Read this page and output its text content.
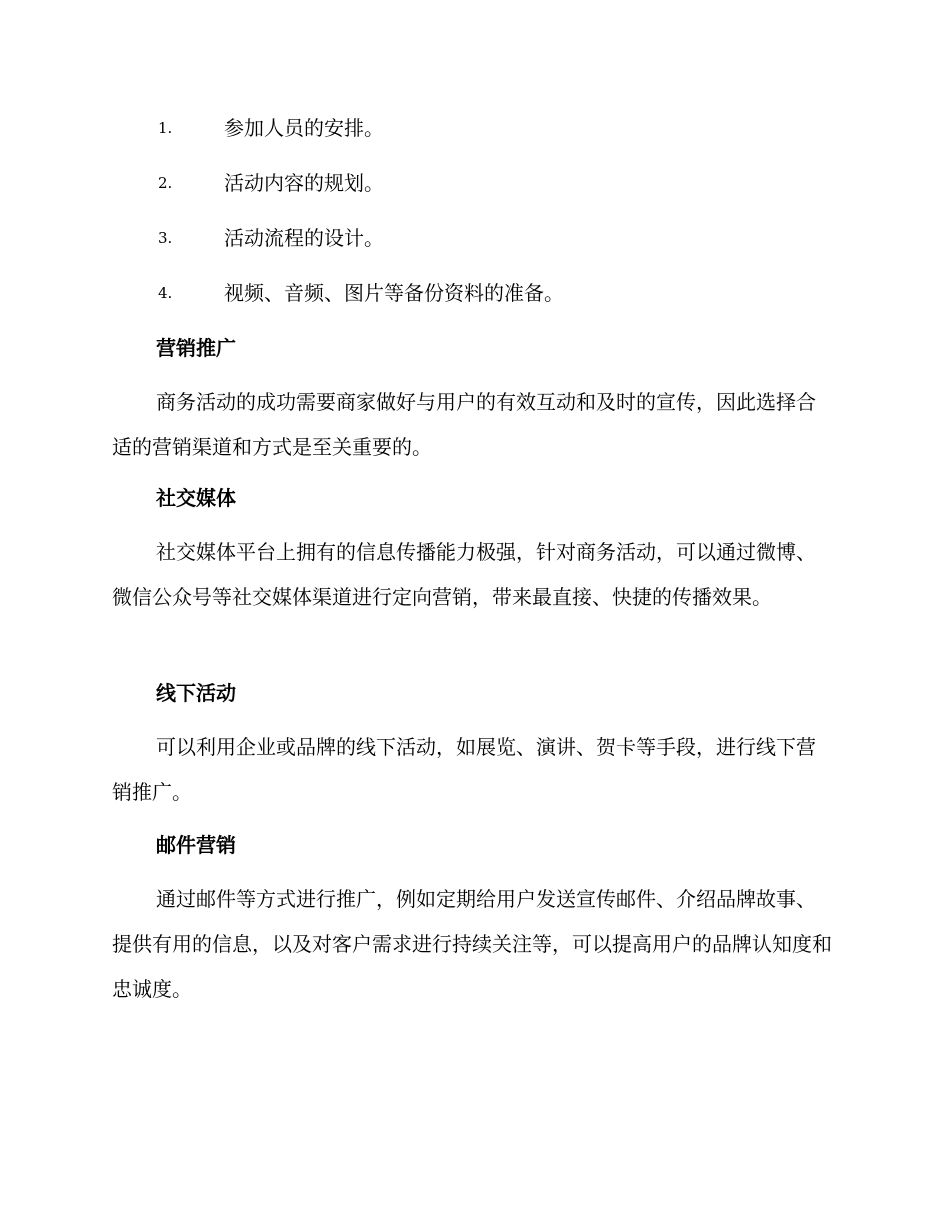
1.	参加人员的安排。
2.	活动内容的规划。
3.	活动流程的设计。
4.	视频、音频、图片等备份资料的准备。
营销推广

商务活动的成功需要商家做好与用户的有效互动和及时的宣传，因此选择合适的营销渠道和方式是至关重要的。

社交媒体

社交媒体平台上拥有的信息传播能力极强，针对商务活动，可以通过微博、微信公众号等社交媒体渠道进行定向营销，带来最直接、快捷的传播效果。

线下活动

可以利用企业或品牌的线下活动，如展览、演讲、贺卡等手段，进行线下营销推广。

邮件营销

通过邮件等方式进行推广，例如定期给用户发送宣传邮件、介绍品牌故事、提供有用的信息，以及对客户需求进行持续关注等，可以提高用户的品牌认知度和忠诚度。
